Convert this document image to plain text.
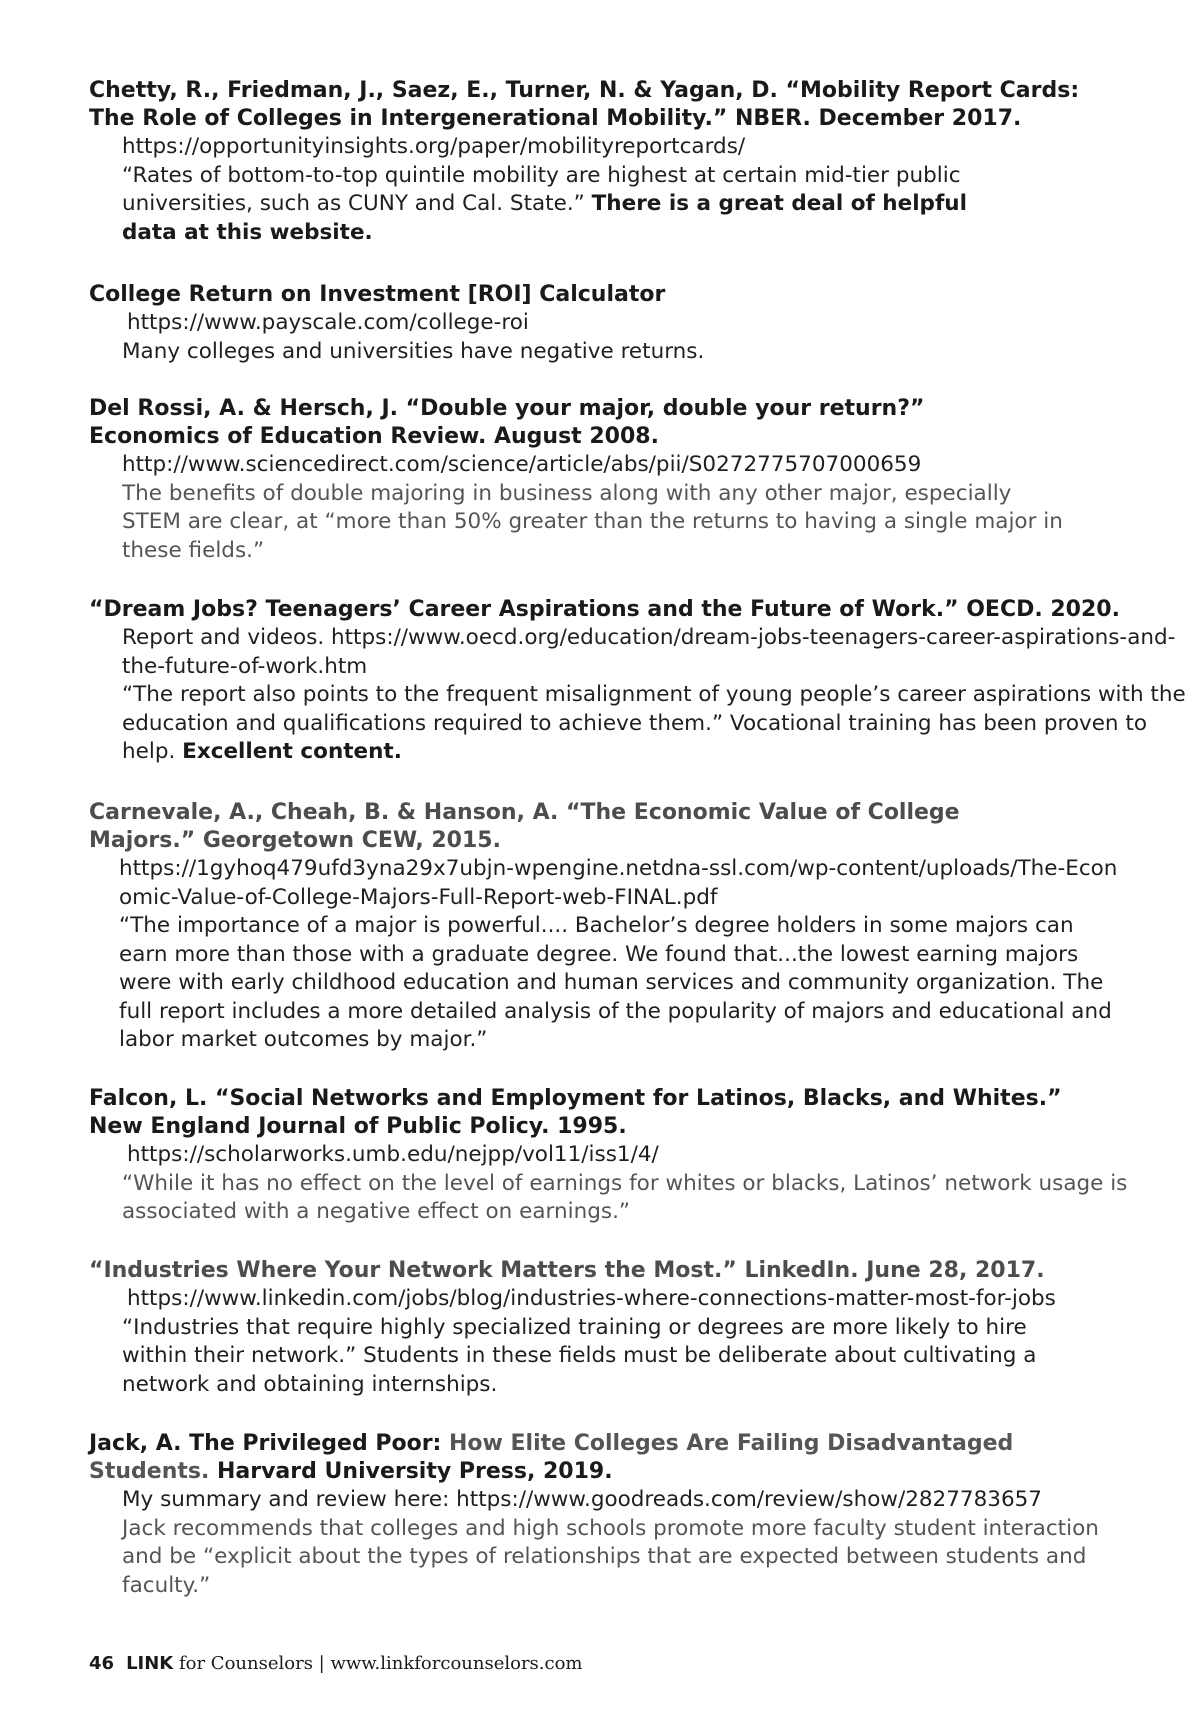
Chetty, R., Friedman, J., Saez, E., Turner, N. & Yagan, D. “Mobility Report Cards: The Role of Colleges in Intergenerational Mobility.” NBER. December 2017.

https://opportunityinsights.org/paper/mobilityreportcards/
“Rates of bottom-to-top quintile mobility are highest at certain mid-tier public universities, such as CUNY and Cal. State.” There is a great deal of helpful data at this website.

College Return on Investment [ROI] Calculator

https://www.payscale.com/college-roi
Many colleges and universities have negative returns.

Del Rossi, A. & Hersch, J. “Double your major, double your return?” Economics of Education Review. August 2008.

http://www.sciencedirect.com/science/article/abs/pii/S0272775707000659
The benefits of double majoring in business along with any other major, especially STEM are clear, at “more than 50% greater than the returns to having a single major in these fields.”

“Dream Jobs? Teenagers’ Career Aspirations and the Future of Work.” OECD. 2020.

Report and videos. https://www.oecd.org/education/dream-jobs-teenagers-career-aspirations-and-the-future-of-work.htm
“The report also points to the frequent misalignment of young people’s career aspirations with the education and qualifications required to achieve them.” Vocational training has been proven to help. Excellent content.

Carnevale, A., Cheah, B. & Hanson, A. “The Economic Value of College Majors.” Georgetown CEW, 2015.

https://1gyhoq479ufd3yna29x7ubjn-wpengine.netdna-ssl.com/wp-content/uploads/The-Economic-Value-of-College-Majors-Full-Report-web-FINAL.pdf
“The importance of a major is powerful.... Bachelor’s degree holders in some majors can earn more than those with a graduate degree. We found that...the lowest earning majors were with early childhood education and human services and community organization. The full report includes a more detailed analysis of the popularity of majors and educational and labor market outcomes by major.”

Falcon, L. “Social Networks and Employment for Latinos, Blacks, and Whites.” New England Journal of Public Policy. 1995.

https://scholarworks.umb.edu/nejpp/vol11/iss1/4/
“While it has no effect on the level of earnings for whites or blacks, Latinos’ network usage is associated with a negative effect on earnings.”

“Industries Where Your Network Matters the Most.” LinkedIn. June 28, 2017.

https://www.linkedin.com/jobs/blog/industries-where-connections-matter-most-for-jobs
“Industries that require highly specialized training or degrees are more likely to hire within their network.” Students in these fields must be deliberate about cultivating a network and obtaining internships.

Jack, A. The Privileged Poor: How Elite Colleges Are Failing Disadvantaged Students. Harvard University Press, 2019.

My summary and review here: https://www.goodreads.com/review/show/2827783657
Jack recommends that colleges and high schools promote more faculty student interaction and be “explicit about the types of relationships that are expected between students and faculty.”
46 LINK for Counselors | www.linkforcounselors.com
